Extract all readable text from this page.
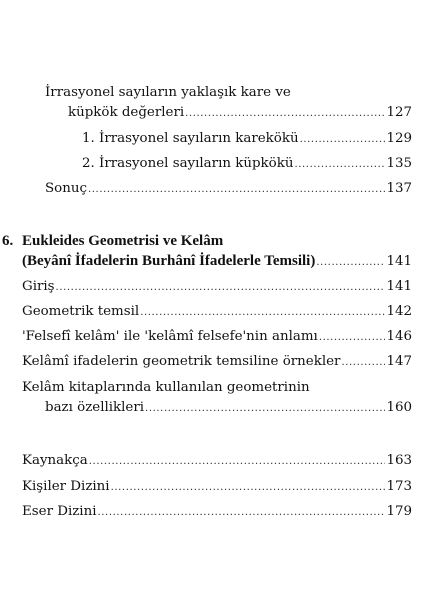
İrrasyonel sayıların yaklaşık kare ve
küpkök değerleri .....	127
1. İrrasyonel sayıların karekökü .....	129
2. İrrasyonel sayıların küpkökü .....	135
Sonuç .....	137
6. Eukleides Geometrisi ve Kelâm
(Beyânî İfadelerin Burhânî İfadelerle Temsili) .....	141
Giriş .....	141
Geometrik temsil .....	142
'Felsefî kelâm' ile 'kelâmî felsefe'nin anlamı .....	146
Kelâmî ifadelerin geometrik temsiline örnekler .....	147
Kelâm kitaplarında kullanılan geometrinin
bazı özellikleri .....	160
Kaynakça .....	163
Kişiler Dizini .....	173
Eser Dizini .....	179
